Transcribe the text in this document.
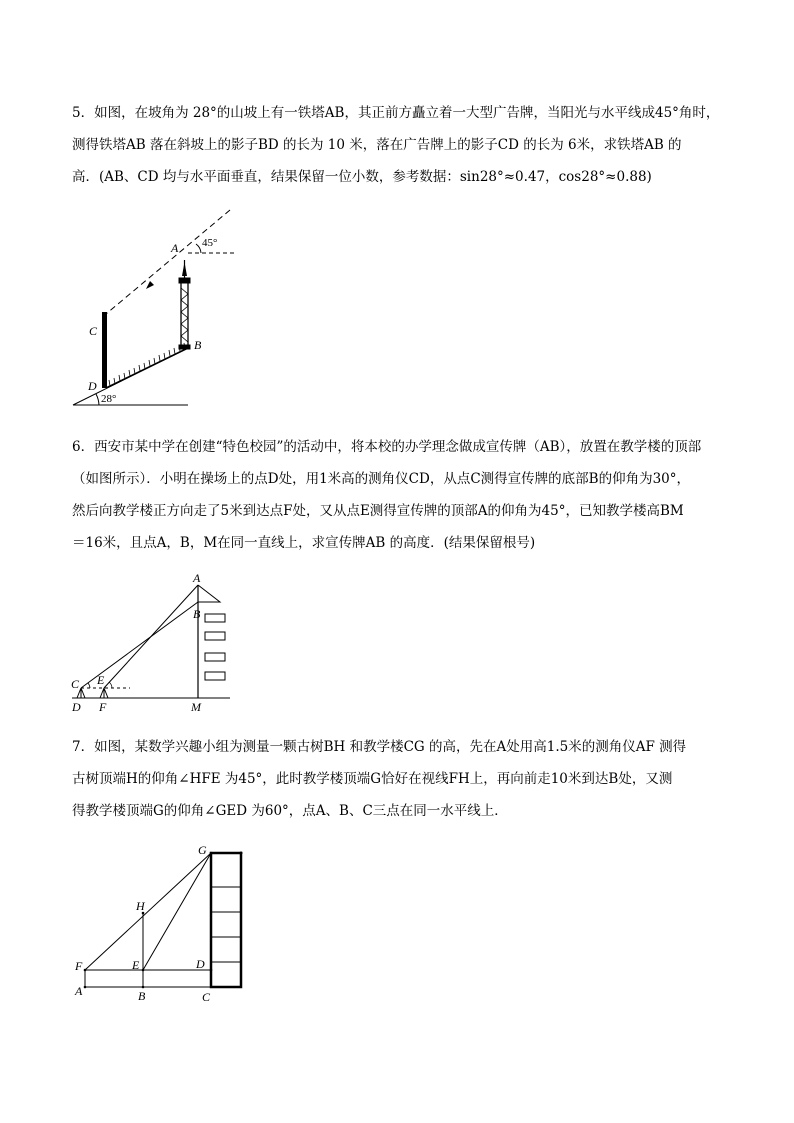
5．如图，在坡角为 28°的山坡上有一铁塔AB，其正前方矗立着一大型广告牌，当阳光与水平线成45°角时，
测得铁塔AB 落在斜坡上的影子BD 的长为 10 米，落在广告牌上的影子CD 的长为 6米，求铁塔AB 的
高．(AB、CD 均与水平面垂直，结果保留一位小数，参考数据：sin28°≈0.47，cos28°≈0.88)
A
B
C
D
45°
28°
6．西安市某中学在创建“特色校园”的活动中，将本校的办学理念做成宣传牌（AB），放置在教学楼的顶部
（如图所示）．小明在操场上的点D处，用1米高的测角仪CD，从点C测得宣传牌的底部B的仰角为30°，
然后向教学楼正方向走了5米到达点F处，又从点E测得宣传牌的顶部A的仰角为45°，已知教学楼高BM
＝16米，且点A，B，M在同一直线上，求宣传牌AB 的高度．(结果保留根号)
A
B
C E
D F	M
7．如图，某数学兴趣小组为测量一颗古树BH 和教学楼CG 的高，先在A处用高1.5米的测角仪AF 测得
古树顶端H的仰角∠HFE 为45°，此时教学楼顶端G恰好在视线FH上，再向前走10米到达B处，又测
得教学楼顶端G的仰角∠GED 为60°，点A、B、C三点在同一水平线上．
G
H
F	E	D
A	B	C
